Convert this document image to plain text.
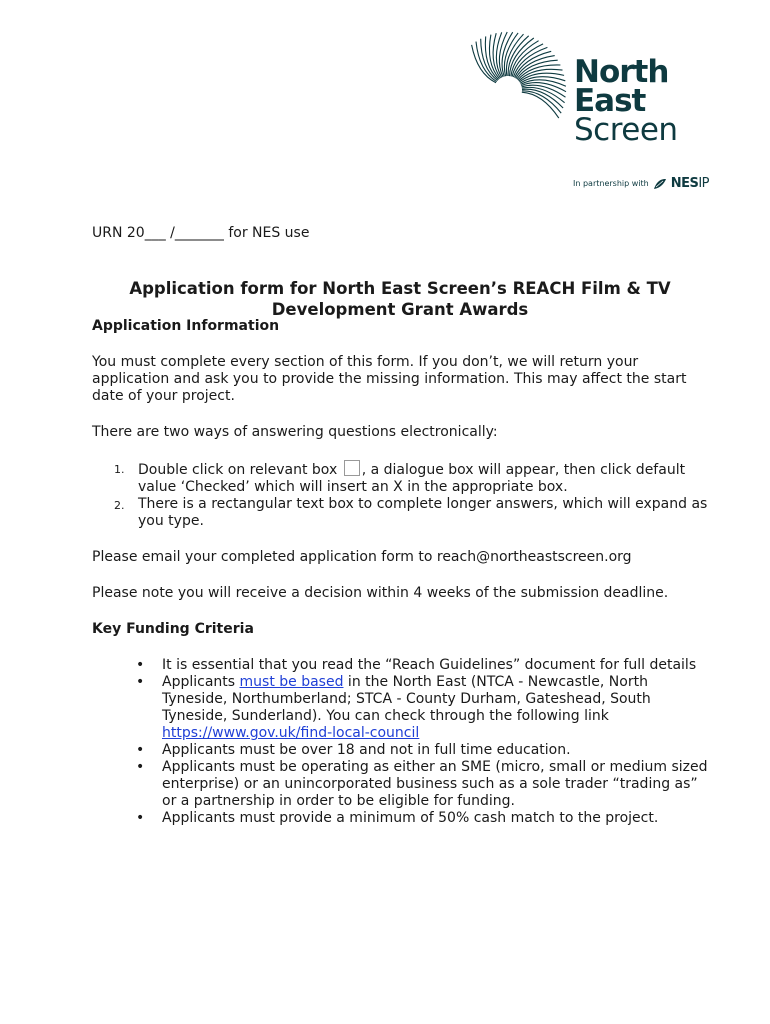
North
East
Screen
In partnership with NESIP
URN 20___ /_______ for NES use
Application form for North East Screen’s REACH Film & TV Development Grant Awards
Application Information

You must complete every section of this form. If you don’t, we will return your application and ask you to provide the missing information. This may affect the start date of your project.

There are two ways of answering questions electronically:

1. Double click on relevant box , a dialogue box will appear, then click default value ‘Checked’ which will insert an X in the appropriate box.
2. There is a rectangular text box to complete longer answers, which will expand as you type.

Please email your completed application form to reach@northeastscreen.org

Please note you will receive a decision within 4 weeks of the submission deadline.

Key Funding Criteria
• It is essential that you read the “Reach Guidelines” document for full details
• Applicants must be based in the North East (NTCA - Newcastle, North Tyneside, Northumberland; STCA - County Durham, Gateshead, South Tyneside, Sunderland). You can check through the following link https://www.gov.uk/find-local-council
• Applicants must be over 18 and not in full time education.
• Applicants must be operating as either an SME (micro, small or medium sized enterprise) or an unincorporated business such as a sole trader “trading as” or a partnership in order to be eligible for funding.
• Applicants must provide a minimum of 50% cash match to the project.
